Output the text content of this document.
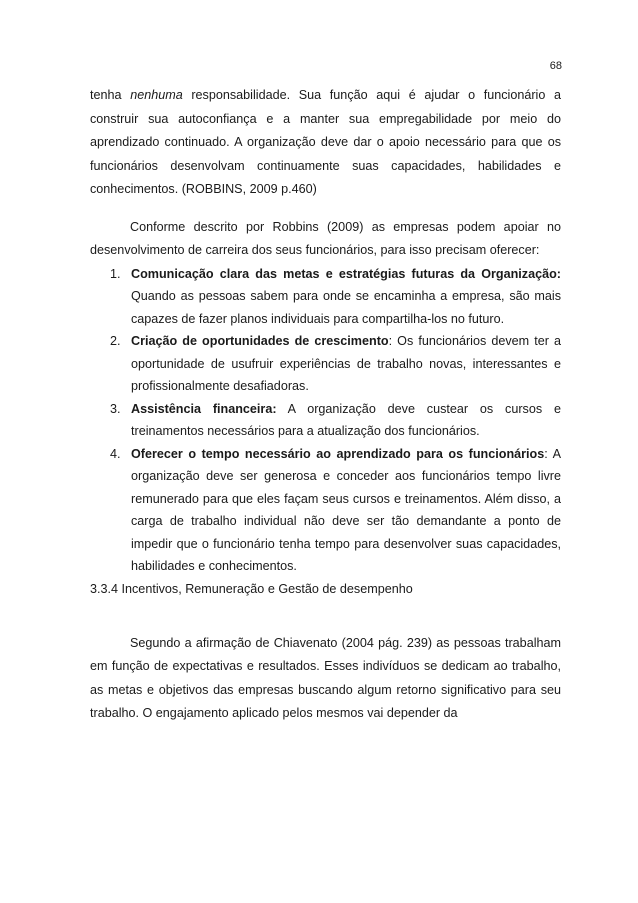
68

tenha nenhuma responsabilidade. Sua função aqui é ajudar o funcionário a construir sua autoconfiança e a manter sua empregabilidade por meio do aprendizado continuado. A organização deve dar o apoio necessário para que os funcionários desenvolvam continuamente suas capacidades, habilidades e conhecimentos. (ROBBINS, 2009 p.460)

Conforme descrito por Robbins (2009) as empresas podem apoiar no desenvolvimento de carreira dos seus funcionários, para isso precisam oferecer:

1. Comunicação clara das metas e estratégias futuras da Organização: Quando as pessoas sabem para onde se encaminha a empresa, são mais capazes de fazer planos individuais para compartilha-los no futuro.
2. Criação de oportunidades de crescimento: Os funcionários devem ter a oportunidade de usufruir experiências de trabalho novas, interessantes e profissionalmente desafiadoras.
3. Assistência financeira: A organização deve custear os cursos e treinamentos necessários para a atualização dos funcionários.
4. Oferecer o tempo necessário ao aprendizado para os funcionários: A organização deve ser generosa e conceder aos funcionários tempo livre remunerado para que eles façam seus cursos e treinamentos. Além disso, a carga de trabalho individual não deve ser tão demandante a ponto de impedir que o funcionário tenha tempo para desenvolver suas capacidades, habilidades e conhecimentos.

3.3.4 Incentivos, Remuneração e Gestão de desempenho

Segundo a afirmação de Chiavenato (2004 pág. 239) as pessoas trabalham em função de expectativas e resultados. Esses indivíduos se dedicam ao trabalho, as metas e objetivos das empresas buscando algum retorno significativo para seu trabalho. O engajamento aplicado pelos mesmos vai depender da
